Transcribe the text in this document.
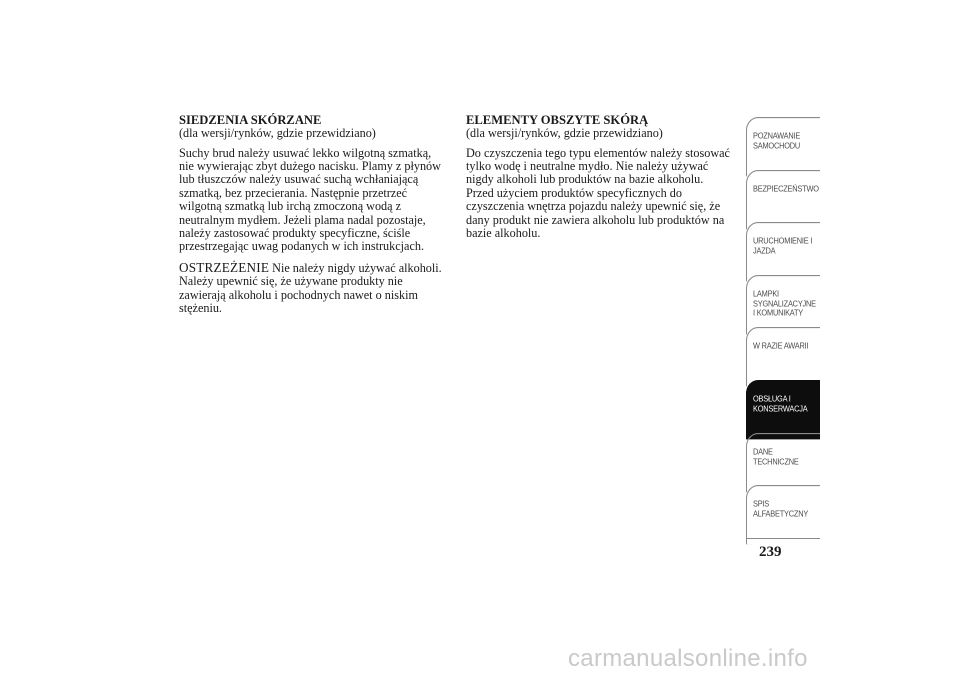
SIEDZENIA SKÓRZANE

(dla wersji/rynków, gdzie przewidziano)

Suchy brud należy usuwać lekko wilgotną szmatką,
nie wywierając zbyt dużego nacisku. Plamy z płynów
lub tłuszczów należy usuwać suchą wchłaniającą
szmatką, bez przecierania. Następnie przetrzeć
wilgotną szmatką lub irchą zmoczoną wodą z
neutralnym mydłem. Jeżeli plama nadal pozostaje,
należy zastosować produkty specyficzne, ściśle
przestrzegając uwag podanych w ich instrukcjach.

OSTRZEŻENIE Nie należy nigdy używać alkoholi.
Należy upewnić się, że używane produkty nie
zawierają alkoholu i pochodnych nawet o niskim
stężeniu.

ELEMENTY OBSZYTE SKÓRĄ

(dla wersji/rynków, gdzie przewidziano)

Do czyszczenia tego typu elementów należy stosować
tylko wodę i neutralne mydło. Nie należy używać
nigdy alkoholi lub produktów na bazie alkoholu.
Przed użyciem produktów specyficznych do
czyszczenia wnętrza pojazdu należy upewnić się, że
dany produkt nie zawiera alkoholu lub produktów na
bazie alkoholu.

POZNAWANIE
SAMOCHODU
BEZPIECZEŃSTWO
URUCHOMIENIE I
JAZDA
LAMPKI
SYGNALIZACYJNE
I KOMUNIKATY
W RAZIE AWARII
OBSŁUGA I
KONSERWACJA
DANE
TECHNICZNE
SPIS
ALFABETYCZNY
239
carmanualsonline.info
